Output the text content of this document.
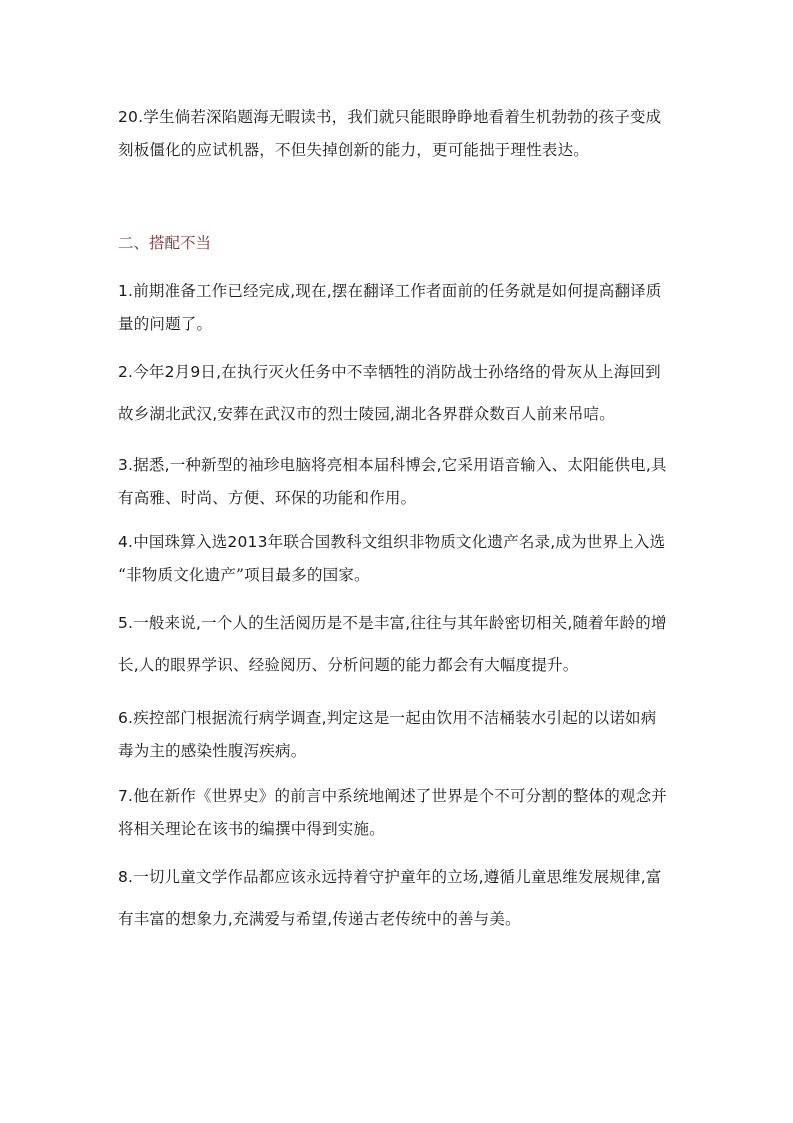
20.学生倘若深陷题海无暇读书，我们就只能眼睁睁地看着生机勃勃的孩子变成
刻板僵化的应试机器，不但失掉创新的能力，更可能拙于理性表达。

二、搭配不当

1.前期准备工作已经完成,现在,摆在翻译工作者面前的任务就是如何提高翻译质
量的问题了。

2.今年2月9日,在执行灭火任务中不幸牺牲的消防战士孙络络的骨灰从上海回到
故乡湖北武汉,安葬在武汉市的烈士陵园,湖北各界群众数百人前来吊唁。

3.据悉,一种新型的袖珍电脑将亮相本届科博会,它采用语音输入、太阳能供电,具
有高雅、时尚、方便、环保的功能和作用。

4.中国珠算入选2013年联合国教科文组织非物质文化遗产名录,成为世界上入选
“非物质文化遗产”项目最多的国家。

5.一般来说,一个人的生活阅历是不是丰富,往往与其年龄密切相关,随着年龄的增
长,人的眼界学识、经验阅历、分析问题的能力都会有大幅度提升。

6.疾控部门根据流行病学调查,判定这是一起由饮用不洁桶装水引起的以诺如病
毒为主的感染性腹泻疾病。

7.他在新作《世界史》的前言中系统地阐述了世界是个不可分割的整体的观念并
将相关理论在该书的编撰中得到实施。

8.一切儿童文学作品都应该永远持着守护童年的立场,遵循儿童思维发展规律,富
有丰富的想象力,充满爱与希望,传递古老传统中的善与美。
